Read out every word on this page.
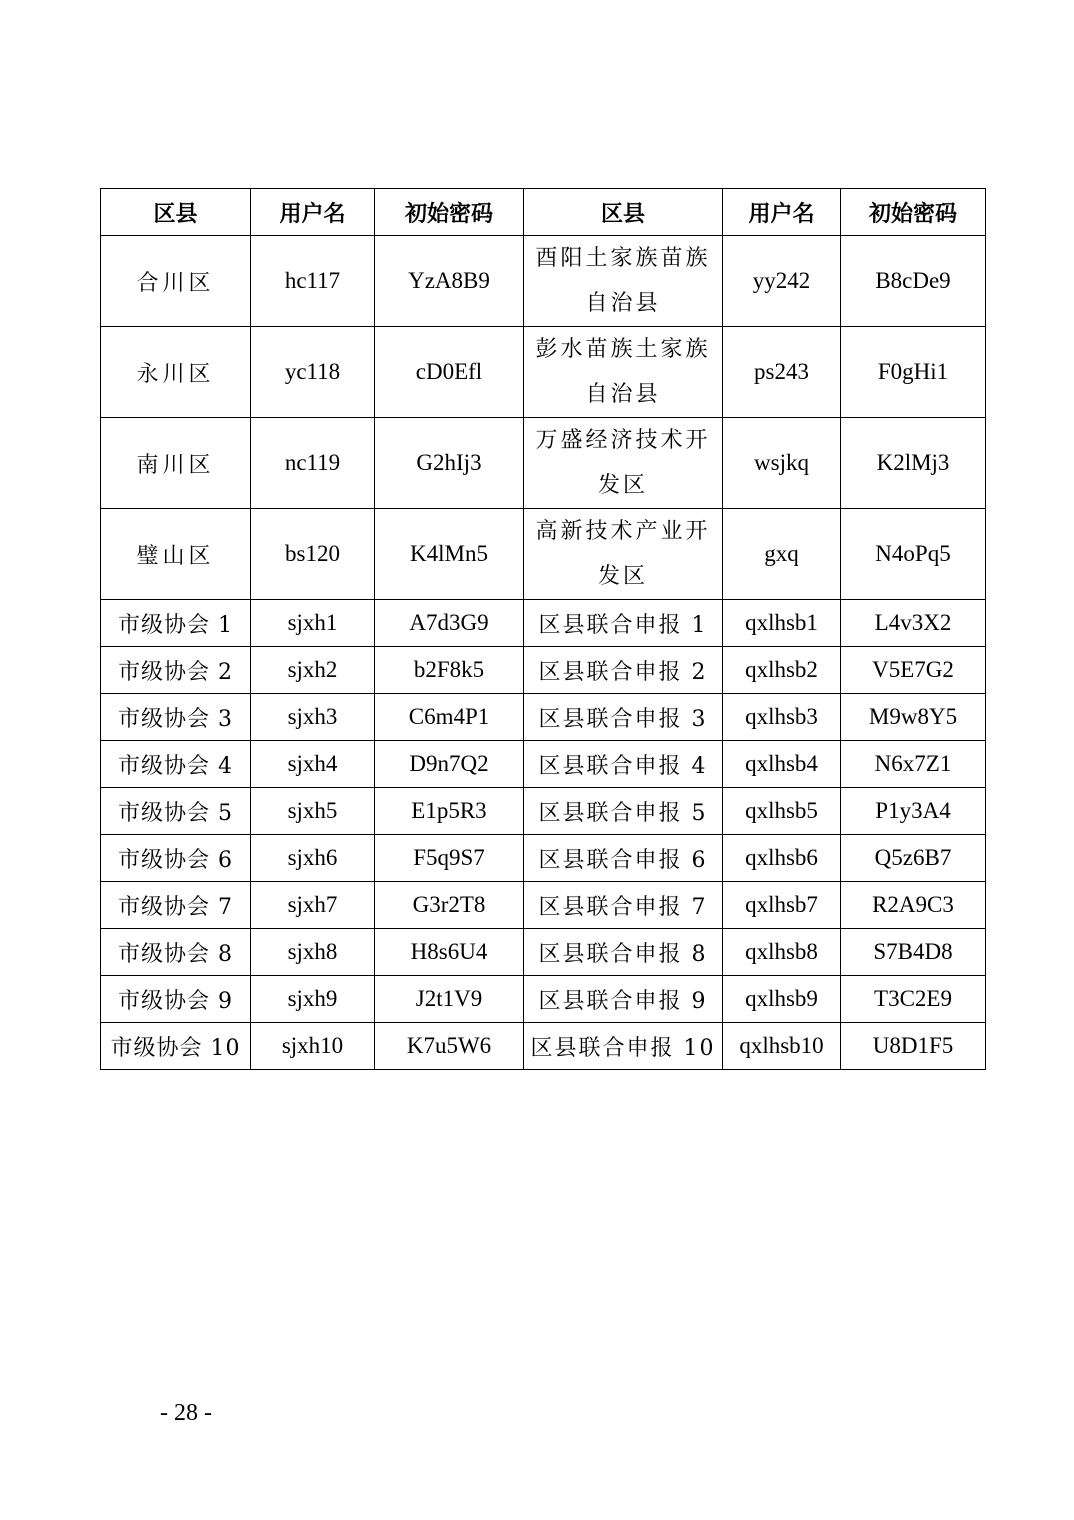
区县	用户名	初始密码	区县	用户名	初始密码
合川区	hc117	YzA8B9	酉阳土家族苗族自治县	yy242	B8cDe9
永川区	yc118	cD0Efl	彭水苗族土家族自治县	ps243	F0gHi1
南川区	nc119	G2hIj3	万盛经济技术开发区	wsjkq	K2lMj3
璧山区	bs120	K4lMn5	高新技术产业开发区	gxq	N4oPq5
市级协会 1	sjxh1	A7d3G9	区县联合申报 1	qxlhsb1	L4v3X2
市级协会 2	sjxh2	b2F8k5	区县联合申报 2	qxlhsb2	V5E7G2
市级协会 3	sjxh3	C6m4P1	区县联合申报 3	qxlhsb3	M9w8Y5
市级协会 4	sjxh4	D9n7Q2	区县联合申报 4	qxlhsb4	N6x7Z1
市级协会 5	sjxh5	E1p5R3	区县联合申报 5	qxlhsb5	P1y3A4
市级协会 6	sjxh6	F5q9S7	区县联合申报 6	qxlhsb6	Q5z6B7
市级协会 7	sjxh7	G3r2T8	区县联合申报 7	qxlhsb7	R2A9C3
市级协会 8	sjxh8	H8s6U4	区县联合申报 8	qxlhsb8	S7B4D8
市级协会 9	sjxh9	J2t1V9	区县联合申报 9	qxlhsb9	T3C2E9
市级协会 10	sjxh10	K7u5W6	区县联合申报 10	qxlhsb10	U8D1F5
- 28 -
